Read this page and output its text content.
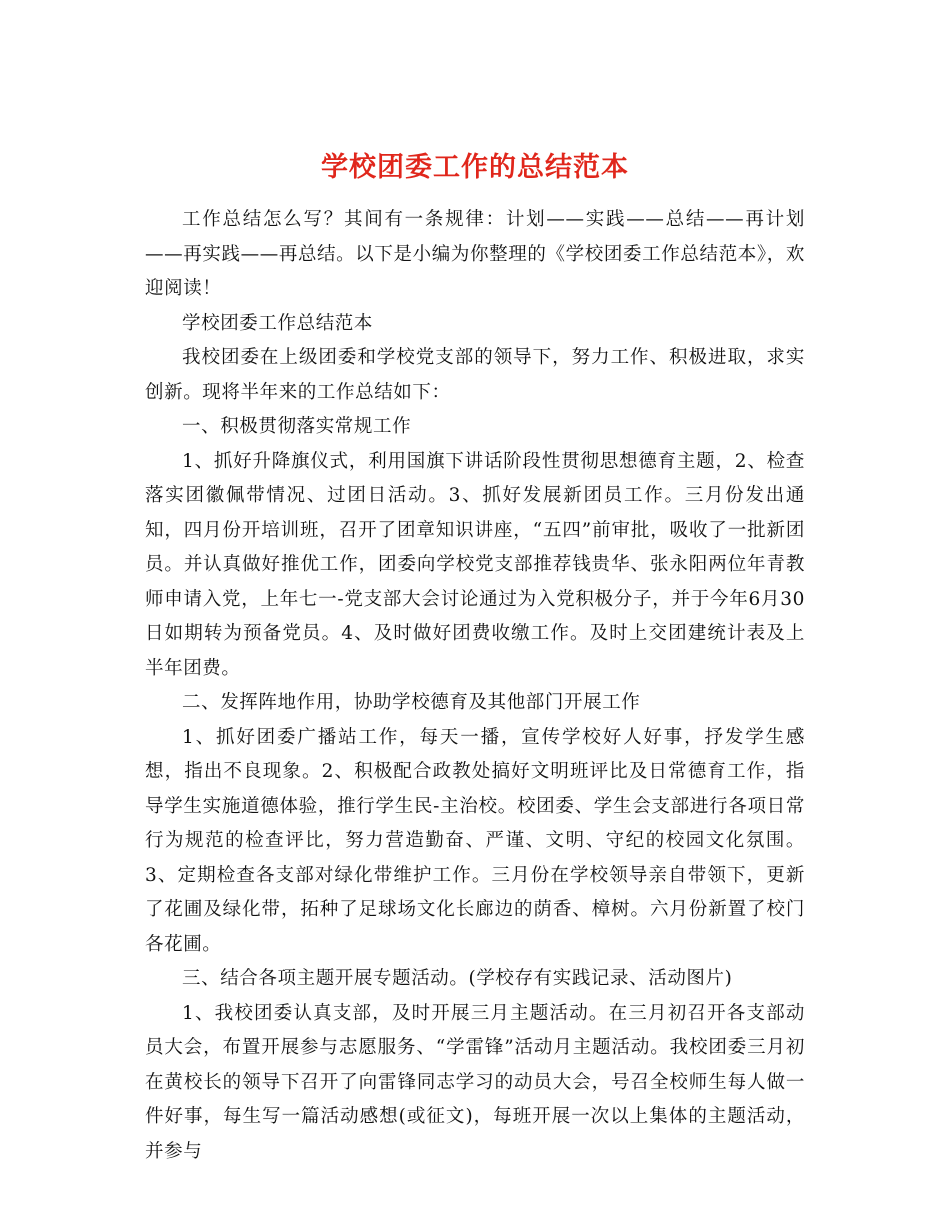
学校团委工作的总结范本

工作总结怎么写？其间有一条规律：计划——实践——总结——再计划——再实践——再总结。以下是小编为你整理的《学校团委工作总结范本》，欢迎阅读！

学校团委工作总结范本

我校团委在上级团委和学校党支部的领导下，努力工作、积极进取，求实创新。现将半年来的工作总结如下：

一、积极贯彻落实常规工作

1、抓好升降旗仪式，利用国旗下讲话阶段性贯彻思想德育主题，2、检查落实团徽佩带情况、过团日活动。3、抓好发展新团员工作。三月份发出通知，四月份开培训班，召开了团章知识讲座，“五四”前审批，吸收了一批新团员。并认真做好推优工作，团委向学校党支部推荐钱贵华、张永阳两位年青教师申请入党，上年七一-党支部大会讨论通过为入党积极分子，并于今年6月30日如期转为预备党员。4、及时做好团费收缴工作。及时上交团建统计表及上半年团费。

二、发挥阵地作用，协助学校德育及其他部门开展工作

1、抓好团委广播站工作，每天一播，宣传学校好人好事，抒发学生感想，指出不良现象。2、积极配合政教处搞好文明班评比及日常德育工作，指导学生实施道德体验，推行学生民-主治校。校团委、学生会支部进行各项日常行为规范的检查评比，努力营造勤奋、严谨、文明、守纪的校园文化氛围。3、定期检查各支部对绿化带维护工作。三月份在学校领导亲自带领下，更新了花圃及绿化带，拓种了足球场文化长廊边的荫香、樟树。六月份新置了校门各花圃。

三、结合各项主题开展专题活动。(学校存有实践记录、活动图片)

1、我校团委认真支部，及时开展三月主题活动。在三月初召开各支部动员大会，布置开展参与志愿服务、“学雷锋”活动月主题活动。我校团委三月初在黄校长的领导下召开了向雷锋同志学习的动员大会，号召全校师生每人做一件好事，每生写一篇活动感想(或征文)，每班开展一次以上集体的主题活动，并参与
